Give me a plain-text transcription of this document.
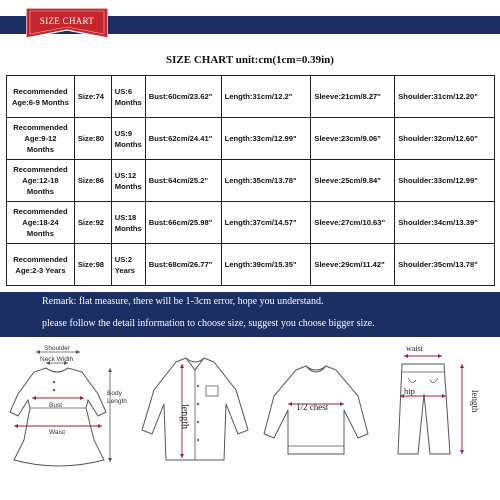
SIZE CHART
SIZE CHART unit:cm(1cm=0.39in)
Recommended Age:6-9 Months	Size:74	US:6 Months	Bust:60cm/23.62"	Length:31cm/12.2"	Sleeve:21cm/8.27"	Shoulder:31cm/12.20"
Recommended Age:9-12 Months	Size:80	US:9 Months	Bust:62cm/24.41"	Length:33cm/12.99"	Sleeve:23cm/9.06"	Shoulder:32cm/12.60"
Recommended Age:12-18 Months	Size:86	US:12 Months	Bust:64cm/25.2"	Length:35cm/13.78"	Sleeve:25cm/9.84"	Shoulder:33cm/12.99"
Recommended Age:18-24 Months	Size:92	US:18 Months	Bust:66cm/25.98"	Length:37cm/14.57"	Sleeve:27cm/10.63"	Shoulder:34cm/13.39"
Recommended Age:2-3 Years	Size:98	US:2 Years	Bust:68cm/26.77"	Length:39cm/15.35"	Sleeve:29cm/11.42"	Shoulder:35cm/13.78"
Remark: flat measure, there will be 1-3cm error, hope you understand.
please follow the detail information to choose size, suggest you choose bigger size.
Shoulder
Neck Width
Bust
Waist
Body Length
length	1/2 chest
waist
hip	length
